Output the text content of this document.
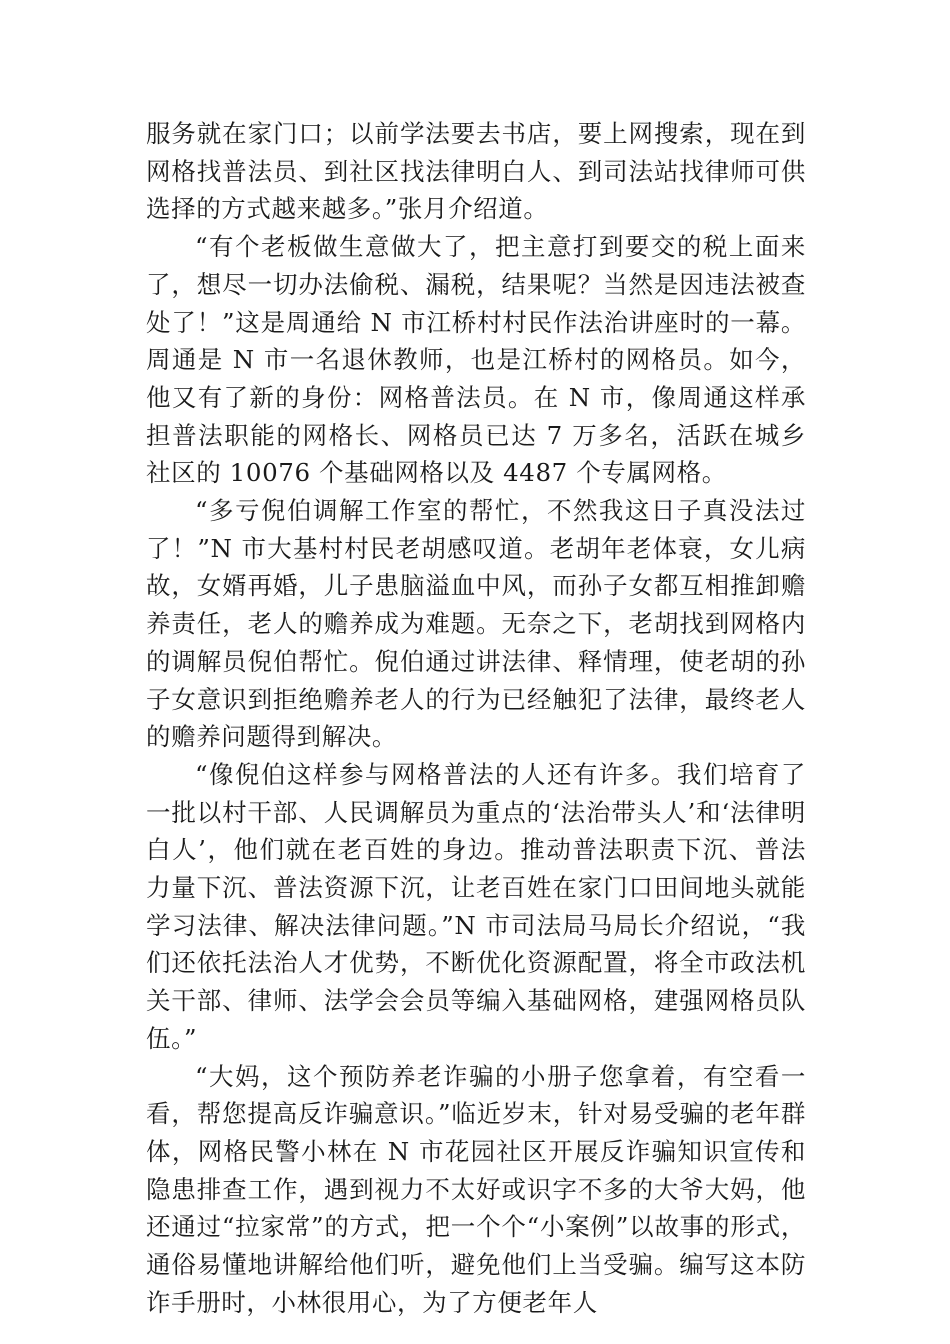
服务就在家门口；以前学法要去书店，要上网搜索，现在到网格找普法员、到社区找法律明白人、到司法站找律师可供选择的方式越来越多。”张月介绍道。

“有个老板做生意做大了，把主意打到要交的税上面来了，想尽一切办法偷税、漏税，结果呢？当然是因违法被查处了！”这是周通给 N 市江桥村村民作法治讲座时的一幕。周通是 N 市一名退休教师，也是江桥村的网格员。如今，他又有了新的身份：网格普法员。在 N 市，像周通这样承担普法职能的网格长、网格员已达 7 万多名，活跃在城乡社区的 10076 个基础网格以及 4487 个专属网格。

“多亏倪伯调解工作室的帮忙，不然我这日子真没法过了！”N 市大基村村民老胡感叹道。老胡年老体衰，女儿病故，女婿再婚，儿子患脑溢血中风，而孙子女都互相推卸赡养责任，老人的赡养成为难题。无奈之下，老胡找到网格内的调解员倪伯帮忙。倪伯通过讲法律、释情理，使老胡的孙子女意识到拒绝赡养老人的行为已经触犯了法律，最终老人的赡养问题得到解决。

“像倪伯这样参与网格普法的人还有许多。我们培育了一批以村干部、人民调解员为重点的‘法治带头人’和‘法律明白人’，他们就在老百姓的身边。推动普法职责下沉、普法力量下沉、普法资源下沉，让老百姓在家门口田间地头就能学习法律、解决法律问题。”N 市司法局马局长介绍说，“我们还依托法治人才优势，不断优化资源配置，将全市政法机关干部、律师、法学会会员等编入基础网格，建强网格员队伍。”

“大妈，这个预防养老诈骗的小册子您拿着，有空看一看，帮您提高反诈骗意识。”临近岁末，针对易受骗的老年群体，网格民警小林在 N 市花园社区开展反诈骗知识宣传和隐患排查工作，遇到视力不太好或识字不多的大爷大妈，他还通过“拉家常”的方式，把一个个“小案例”以故事的形式，通俗易懂地讲解给他们听，避免他们上当受骗。编写这本防诈手册时，小林很用心，为了方便老年人
